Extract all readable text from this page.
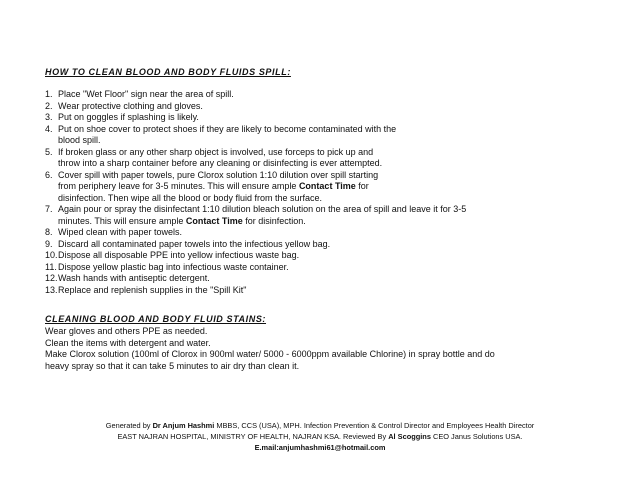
HOW TO CLEAN BLOOD AND BODY FLUIDS SPILL:
1. Place "Wet Floor" sign near the area of spill.
2. Wear protective clothing and gloves.
3. Put on goggles if splashing is likely.
4. Put on shoe cover to protect shoes if they are likely to become contaminated with the
blood spill.
5. If broken glass or any other sharp object is involved, use forceps to pick up and
throw into a sharp container before any cleaning or disinfecting is ever attempted.
6. Cover spill with paper towels, pure Clorox solution 1:10 dilution over spill starting
from periphery leave for 3-5 minutes. This will ensure ample Contact Time for
disinfection. Then wipe all the blood or body fluid from the surface.
7. Again pour or spray the disinfectant 1:10 dilution bleach solution on the area of spill and leave it for 3-5
minutes. This will ensure ample Contact Time for disinfection.
8. Wiped clean with paper towels.
9. Discard all contaminated paper towels into the infectious yellow bag.
10. Dispose all disposable PPE into yellow infectious waste bag.
11. Dispose yellow plastic bag into infectious waste container.
12. Wash hands with antiseptic detergent.
13. Replace and replenish supplies in the "Spill Kit"
CLEANING BLOOD AND BODY FLUID STAINS:
Wear gloves and others PPE as needed.
Clean the items with detergent and water.
Make Clorox solution (100ml of Clorox in 900ml water/ 5000 - 6000ppm available Chlorine) in spray bottle and do
heavy spray so that it can take 5 minutes to air dry than clean it.
Generated by Dr Anjum Hashmi MBBS, CCS (USA), MPH. Infection Prevention & Control Director and Employees Health Director
EAST NAJRAN HOSPITAL, MINISTRY OF HEALTH, NAJRAN KSA. Reviewed By Al Scoggins CEO Janus Solutions USA.
E.mail:anjumhashmi61@hotmail.com
